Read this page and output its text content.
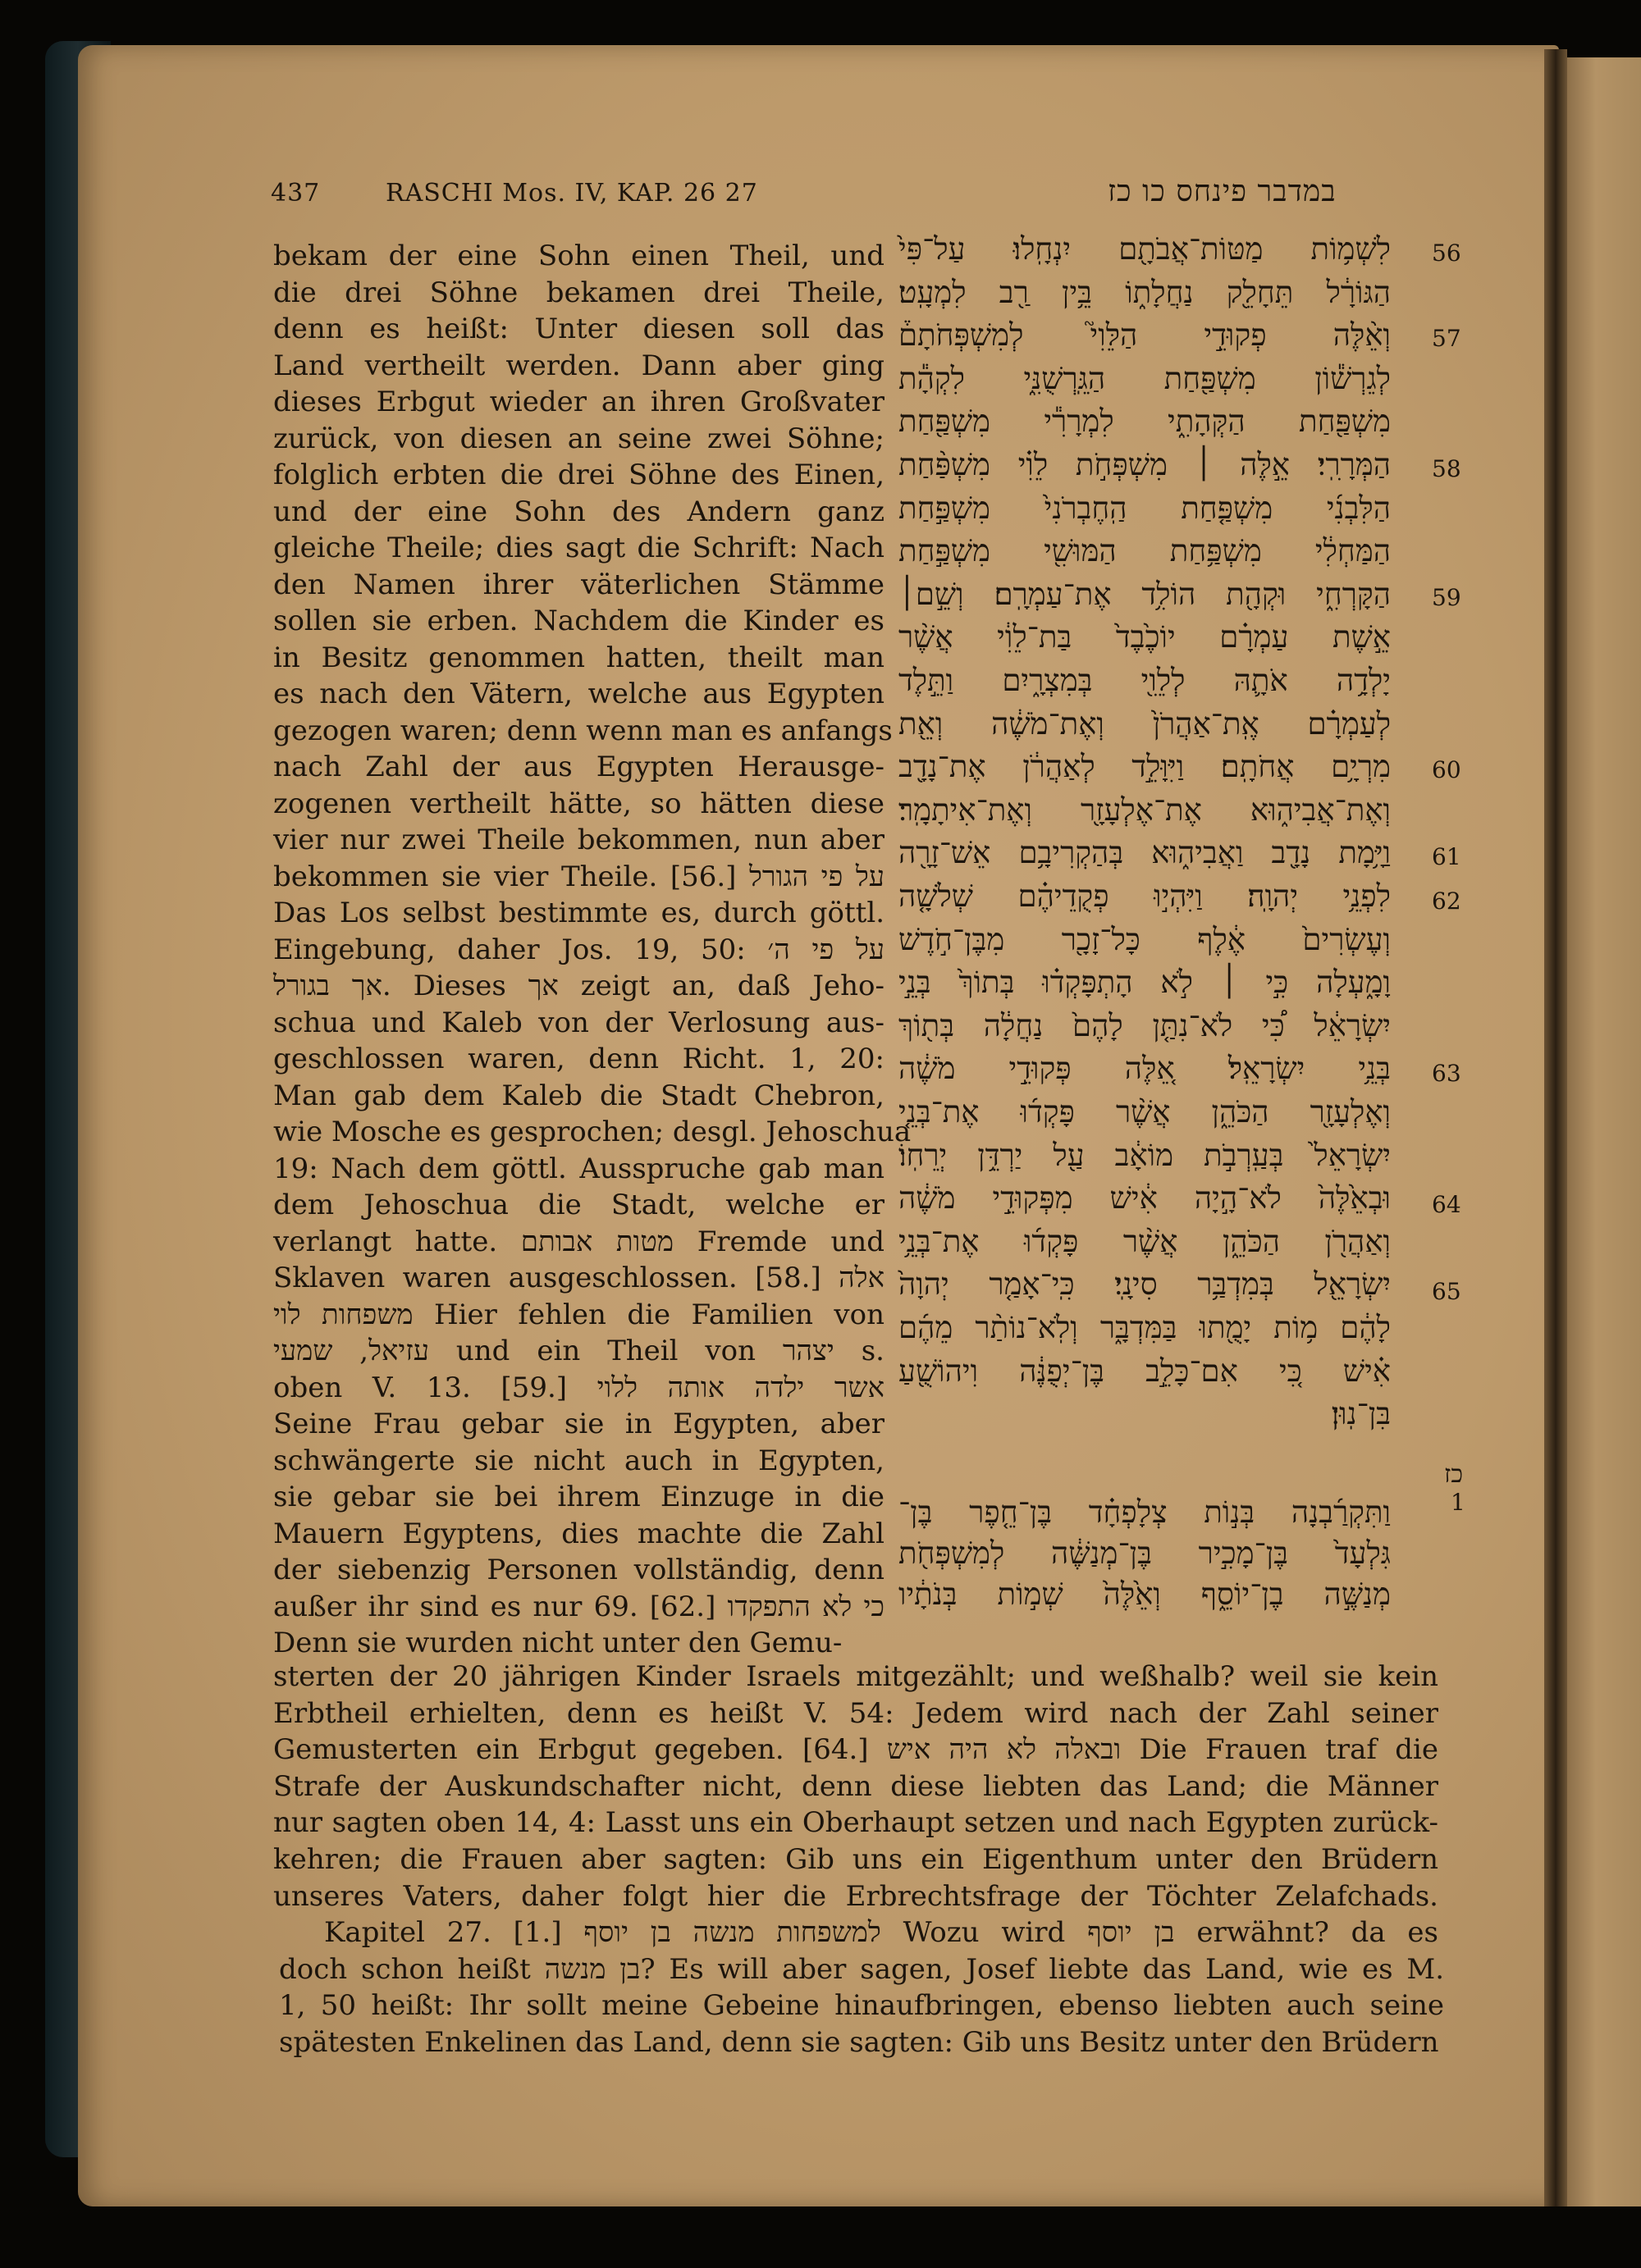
437	RASCHI Mos. IV, KAP. 26 27	במדבר פינחס כו כז
bekam der eine Sohn einen Theil, und
die drei Söhne bekamen drei Theile,
denn es heißt: Unter diesen soll das
Land vertheilt werden. Dann aber ging
dieses Erbgut wieder an ihren Großvater
zurück, von diesen an seine zwei Söhne;
folglich erbten die drei Söhne des Einen,
und der eine Sohn des Andern ganz
gleiche Theile; dies sagt die Schrift: Nach
den Namen ihrer väterlichen Stämme
sollen sie erben. Nachdem die Kinder es
in Besitz genommen hatten, theilt man
es nach den Vätern, welche aus Egypten
gezogen waren; denn wenn man es anfangs
nach Zahl der aus Egypten Herausge-
zogenen vertheilt hätte, so hätten diese
vier nur zwei Theile bekommen, nun aber
bekommen sie vier Theile. [56.] על פי הגורל
Das Los selbst bestimmte es, durch göttl.
Eingebung, daher Jos. 19, 50: על פי ה׳
אך בגורל. Dieses אך zeigt an, daß Jeho-
schua und Kaleb von der Verlosung aus-
geschlossen waren, denn Richt. 1, 20:
Man gab dem Kaleb die Stadt Chebron,
wie Mosche es gesprochen; desgl. Jehoschua
19: Nach dem göttl. Ausspruche gab man
dem Jehoschua die Stadt, welche er
verlangt hatte. מטות אבותם Fremde und
Sklaven waren ausgeschlossen. [58.] אלה
משפחות לוי Hier fehlen die Familien von
עזיאל, שמעי und ein Theil von יצהר s.
oben V. 13. [59.] אשר ילדה אותה ללוי
Seine Frau gebar sie in Egypten, aber
schwängerte sie nicht auch in Egypten,
sie gebar sie bei ihrem Einzuge in die
Mauern Egyptens, dies machte die Zahl
der siebenzig Personen vollständig, denn
außer ihr sind es nur 69. [62.] כי לא התפקדו
Denn sie wurden nicht unter den Gemu-
לִשְׁמ֥וֹת מַטּוֹת־אֲבֹתָ֖ם יִנְחָֽלוּ׃ עַל־פִּי֙
הַגּוֹרָ֔ל תֵּחָלֵ֖ק נַחֲלָת֑וֹ בֵּ֥ין רַ֖ב לִמְעָֽט׃
וְאֵ֨לֶּה פְקוּדֵ֣י הַלֵּוִי֮ לְמִשְׁפְּחֹתָם֒
לְגֵרְשׁ֕וֹן מִשְׁפַּ֖חַת הַגֵּֽרְשֻׁנִּ֑י לִקְהָ֕ת
מִשְׁפַּ֖חַת הַקְּהָתִ֑י לִמְרָרִ֕י מִשְׁפַּ֖חַת
הַמְּרָרִֽי׃ אֵ֣לֶּה ׀ מִשְׁפְּחֹ֣ת לֵוִ֗י מִשְׁפַּ֨חַת
הַלִּבְנִ֜י מִשְׁפַּ֤חַת הַֽחֶבְרֹנִי֙ מִשְׁפַּ֣חַת
הַמַּחְלִ֔י מִשְׁפַּ֥חַת הַמּוּשִׁ֖י מִשְׁפַּ֣חַת
הַקָּרְחִ֑י וּקְהָ֖ת הוֹלִ֥ד אֶת־עַמְרָֽם׃ וְשֵׁ֣ם׀
אֵ֣שֶׁת עַמְרָ֗ם יוֹכֶ֙בֶד֙ בַּת־לֵוִ֔י אֲשֶׁ֨ר
יָלְדָ֥ה אֹתָ֛הּ לְלֵוִ֖י בְּמִצְרָ֑יִם וַתֵּ֣לֶד
לְעַמְרָ֗ם אֶֽת־אַהֲרֹן֙ וְאֶת־מֹשֶׁ֔ה וְאֵ֖ת
מִרְיָ֥ם אֲחֹתָֽם׃ וַיִּוָּלֵ֣ד לְאַהֲרֹ֔ן אֶת־נָדָ֖ב
וְאֶת־אֲבִיה֑וּא אֶת־אֶלְעָזָ֖ר וְאֶת־אִיתָמָֽר׃
וַיָּ֥מָת נָדָ֖ב וַאֲבִיה֑וּא בְּהַקְרִיבָ֥ם אֵשׁ־זָרָ֖ה
לִפְנֵ֥י יְהוָֽה׃ וַיִּהְי֣וּ פְקֻדֵיהֶ֗ם שְׁלֹשָׁ֤ה
וְעֶשְׂרִים֙ אֶ֔לֶף כָּל־זָכָ֖ר מִבֶּן־חֹ֣דֶשׁ
וָמָ֑עְלָה כִּ֣י ׀ לֹ֣א הָתְפָּקְד֗וּ בְּתוֹךְ֙ בְּנֵ֣י
יִשְׂרָאֵ֔ל כִּ֠י לֹא־נִתַּ֤ן לָהֶם֙ נַחֲלָ֔ה בְּת֖וֹךְ
בְּנֵ֥י יִשְׂרָאֵֽל׃ אֵ֚לֶּה פְּקוּדֵ֣י מֹשֶׁ֔ה
וְאֶלְעָזָ֖ר הַכֹּהֵ֑ן אֲשֶׁ֨ר פָּקְד֜וּ אֶת־בְּנֵ֤י
יִשְׂרָאֵל֙ בְּעַֽרְבֹ֣ת מוֹאָ֔ב עַ֖ל יַרְדֵּ֥ן יְרֵחֽוֹ׃
וּבְאֵ֙לֶּה֙ לֹא־הָ֣יָה אִ֔ישׁ מִפְּקוּדֵ֣י מֹשֶׁ֔ה
וְאַהֲרֹ֖ן הַכֹּהֵ֑ן אֲשֶׁ֨ר פָּקְד֜וּ אֶת־בְּנֵ֥י
יִשְׂרָאֵ֖ל בְּמִדְבַּ֥ר סִינָֽי׃ כִּֽי־אָמַ֤ר יְהוָה֙
לָהֶ֔ם מ֥וֹת יָמֻ֖תוּ בַּמִּדְבָּ֑ר וְלֹֽא־נוֹתַ֨ר מֵהֶ֜ם
אִ֗ישׁ כִּ֚י אִם־כָּלֵ֣ב בֶּן־יְפֻנֶּ֔ה וִיהוֹשֻׁ֖עַ
בִּן־נֽוּן׃
וַתִּקְרַ֜בְנָה בְּנ֣וֹת צְלָפְחָ֗ד בֶּן־חֵ֤פֶר בֶּן־
גִּלְעָד֙ בֶּן־מָכִ֣יר בֶּן־מְנַשֶּׁ֔ה לְמִשְׁפְּחֹ֖ת
מְנַשֶּׁ֣ה בֶן־יוֹסֵ֑ף וְאֵ֙לֶּה֙ שְׁמ֣וֹת בְּנֹתָ֔יו
56
57
58
59
60
61
62
63
64
65
כז
1
sterten der 20 jährigen Kinder Israels mitgezählt; und weßhalb? weil sie kein
Erbtheil erhielten, denn es heißt V. 54: Jedem wird nach der Zahl seiner
Gemusterten ein Erbgut gegeben. [64.] ובאלה לא היה איש Die Frauen traf die
Strafe der Auskundschafter nicht, denn diese liebten das Land; die Männer
nur sagten oben 14, 4: Lasst uns ein Oberhaupt setzen und nach Egypten zurück-
kehren; die Frauen aber sagten: Gib uns ein Eigenthum unter den Brüdern
unseres Vaters, daher folgt hier die Erbrechtsfrage der Töchter Zelafchads.
Kapitel 27. [1.] למשפחות מנשה בן יוסף Wozu wird בן יוסף erwähnt? da es
doch schon heißt בן מנשה? Es will aber sagen, Josef liebte das Land, wie es M.
1, 50 heißt: Ihr sollt meine Gebeine hinaufbringen, ebenso liebten auch seine
spätesten Enkelinen das Land, denn sie sagten: Gib uns Besitz unter den Brüdern
